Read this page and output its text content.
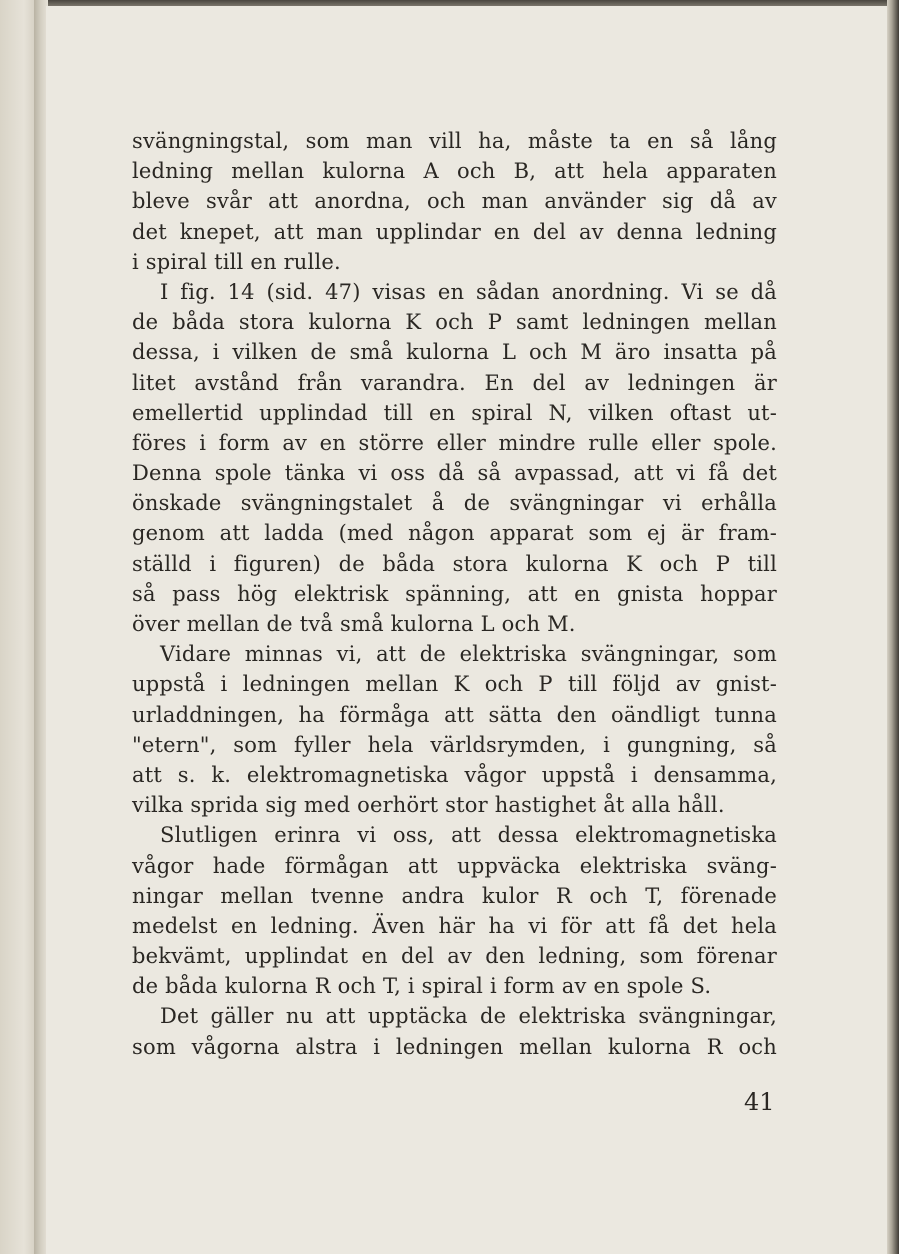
svängningstal, som man vill ha, måste ta en så lång
ledning mellan kulorna A och B, att hela apparaten
bleve svår att anordna, och man använder sig då av
det knepet, att man upplindar en del av denna ledning
i spiral till en rulle.
I fig. 14 (sid. 47) visas en sådan anordning. Vi se då
de båda stora kulorna K och P samt ledningen mellan
dessa, i vilken de små kulorna L och M äro insatta på
litet avstånd från varandra. En del av ledningen är
emellertid upplindad till en spiral N, vilken oftast ut-
föres i form av en större eller mindre rulle eller spole.
Denna spole tänka vi oss då så avpassad, att vi få det
önskade svängningstalet å de svängningar vi erhålla
genom att ladda (med någon apparat som ej är fram-
ställd i figuren) de båda stora kulorna K och P till
så pass hög elektrisk spänning, att en gnista hoppar
över mellan de två små kulorna L och M.
Vidare minnas vi, att de elektriska svängningar, som
uppstå i ledningen mellan K och P till följd av gnist-
urladdningen, ha förmåga att sätta den oändligt tunna
"etern", som fyller hela världsrymden, i gungning, så
att s. k. elektromagnetiska vågor uppstå i densamma,
vilka sprida sig med oerhört stor hastighet åt alla håll.
Slutligen erinra vi oss, att dessa elektromagnetiska
vågor hade förmågan att uppväcka elektriska sväng-
ningar mellan tvenne andra kulor R och T, förenade
medelst en ledning. Även här ha vi för att få det hela
bekvämt, upplindat en del av den ledning, som förenar
de båda kulorna R och T, i spiral i form av en spole S.
Det gäller nu att upptäcka de elektriska svängningar,
som vågorna alstra i ledningen mellan kulorna R och
41
